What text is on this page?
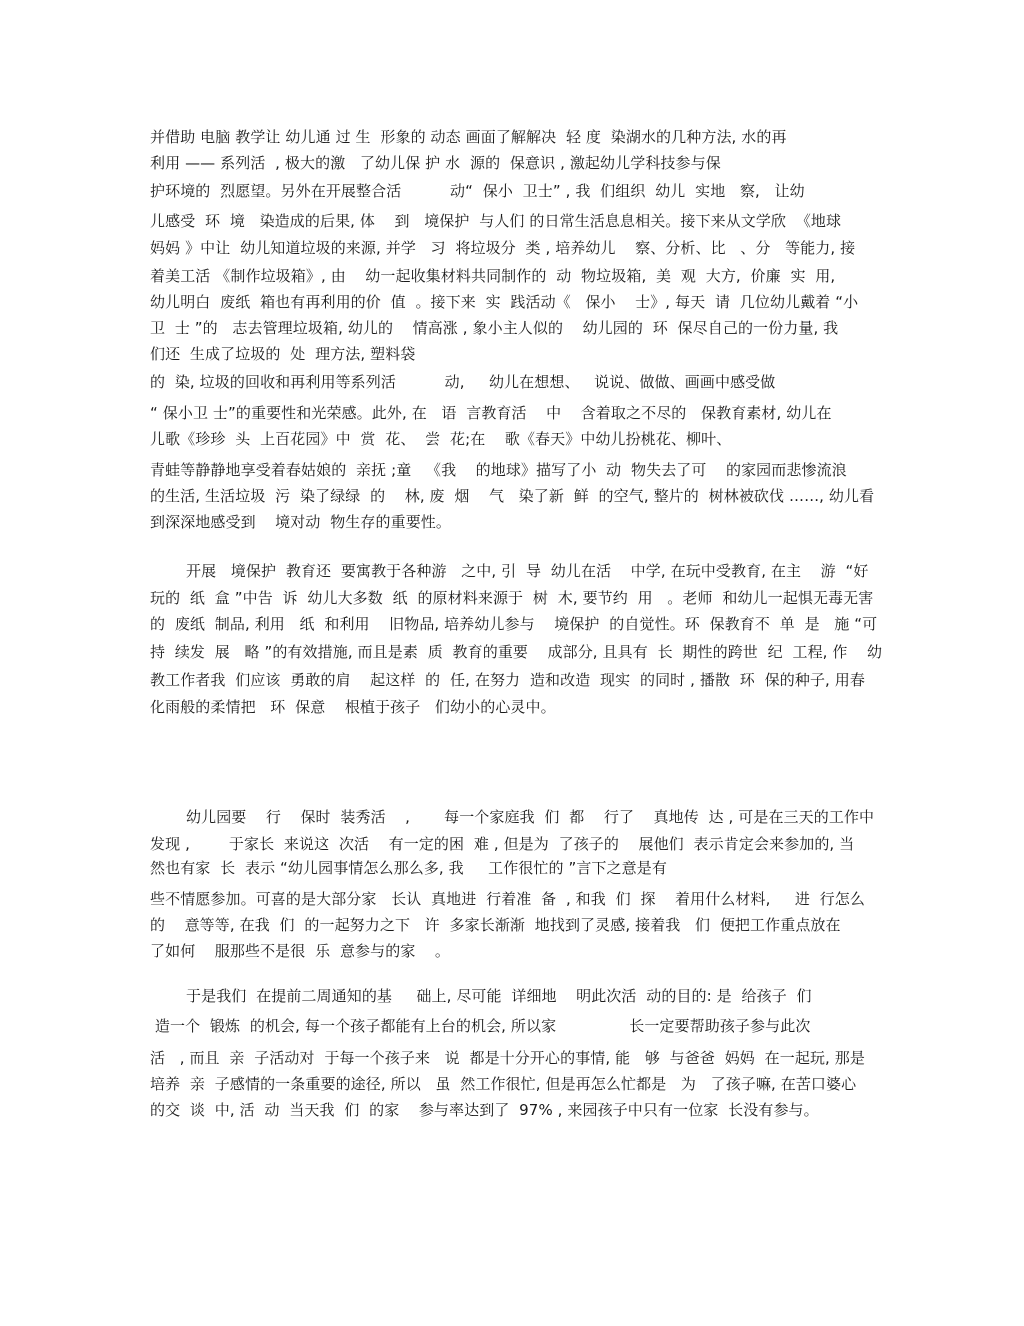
并借助 电脑 教学让 幼儿通 过 生  形象的 动态 画面了解解决  轻 度  染湖水的几种方法, 水的再
利用 —— 系列活  , 极大的激   了幼儿保 护 水  源的  保意识 , 激起幼儿学科技参与保
护环境的  烈愿望。另外在开展整合活          动“  保小  卫士” , 我  们组织  幼儿  实地   察,   让幼
儿感受  环  境   染造成的后果, 体    到   境保护  与人们 的日常生活息息相关。接下来从文学欣  《地球
妈妈 》中让  幼儿知道垃圾的来源, 并学   习  将垃圾分  类 , 培养幼儿    察、分析、比   、分   等能力, 接
着美工活 《制作垃圾箱》, 由    幼一起收集材料共同制作的  动  物垃圾箱,  美  观  大方,  价廉  实  用,
幼儿明白  废纸  箱也有再利用的价  值  。接下来  实  践活动《   保小    士》, 每天  请  几位幼儿戴着 “小
卫  士 ”的   志去管理垃圾箱, 幼儿的    情高涨 , 象小主人似的    幼儿园的  环  保尽自己的一份力量, 我
们还  生成了垃圾的  处  理方法, 塑料袋
的  染, 垃圾的回收和再利用等系列活          动,     幼儿在想想、   说说、做做、画画中感受做
“ 保小卫 士”的重要性和光荣感。此外, 在   语  言教育活    中    含着取之不尽的   保教育素材, 幼儿在
儿歌《珍珍  头  上百花园》中  赏  花、  尝  花;在    歌《春天》中幼儿扮桃花、柳叶、
青蛙等静静地享受着春姑娘的  亲抚 ;童   《我    的地球》描写了小  动  物失去了可    的家园而悲惨流浪
的生活, 生活垃圾  污  染了绿绿  的    林, 废  烟    气   染了新  鲜  的空气, 整片的  树林被砍伐 ……, 幼儿看
到深深地感受到    境对动  物生存的重要性。
开展   境保护  教育还  要寓教于各种游   之中, 引  导  幼儿在活    中学, 在玩中受教育, 在主    游  “好
玩的  纸  盒 ”中告  诉  幼儿大多数  纸  的原材料来源于  树  木, 要节约  用   。老师  和幼儿一起惧无毒无害
的  废纸  制品, 利用   纸  和利用    旧物品, 培养幼儿参与    境保护  的自觉性。环  保教育不  单  是   施 “可
持  续发  展   略 ”的有效措施, 而且是素  质  教育的重要    成部分, 且具有  长  期性的跨世  纪  工程, 作    幼
教工作者我  们应该  勇敢的肩    起这样  的  任, 在努力  造和改造  现实  的同时 , 播散  环  保的种子, 用春
化雨般的柔情把   环  保意    根植于孩子   们幼小的心灵中。
幼儿园要    行    保时  装秀活    ,       每一个家庭我  们  都    行了    真地传  达 , 可是在三天的工作中
发现 ,        于家长  来说这  次活    有一定的困  难 , 但是为  了孩子的    展他们  表示肯定会来参加的, 当
然也有家  长  表示 “幼儿园事情怎么那么多, 我     工作很忙的 ”言下之意是有
些不情愿参加。可喜的是大部分家   长认  真地进  行着准  备  , 和我  们  探    着用什么材料,     进  行怎么
的    意等等, 在我  们  的一起努力之下   许  多家长渐渐  地找到了灵感, 接着我   们  便把工作重点放在
了如何    服那些不是很  乐  意参与的家    。
于是我们  在提前二周通知的基     础上, 尽可能  详细地    明此次活  动的目的: 是  给孩子  们
造一个  锻炼  的机会, 每一个孩子都能有上台的机会, 所以家               长一定要帮助孩子参与此次
活   , 而且  亲  子活动对  于每一个孩子来   说  都是十分开心的事情, 能   够  与爸爸  妈妈  在一起玩, 那是
培养  亲  子感情的一条重要的途径, 所以   虽  然工作很忙, 但是再怎么忙都是   为   了孩子嘛, 在苦口婆心
的交  谈  中, 活  动  当天我  们  的家    参与率达到了  97% , 来园孩子中只有一位家  长没有参与。
